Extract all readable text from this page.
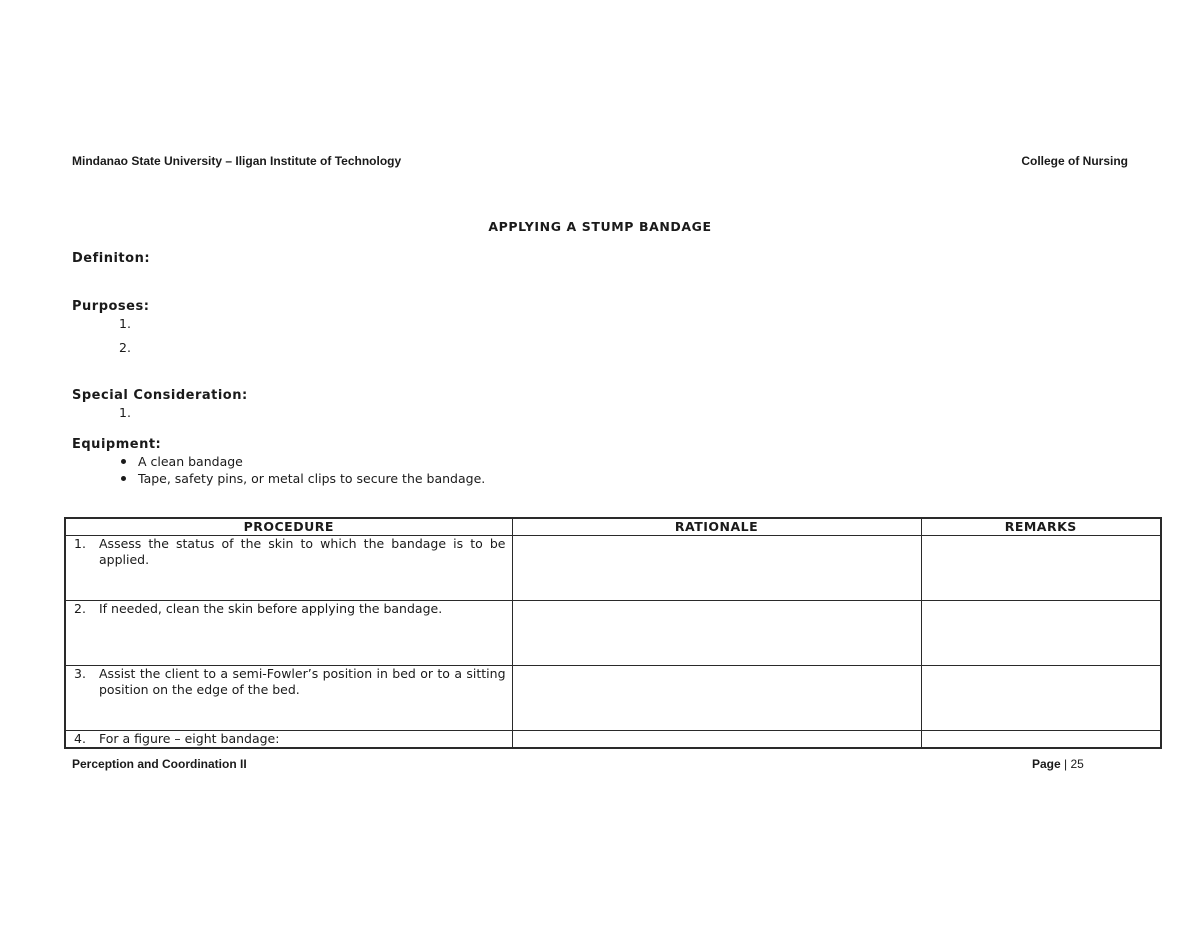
Mindanao State University – Iligan Institute of Technology	College of Nursing
APPLYING A STUMP BANDAGE
Definiton:
Purposes:
1.
2.
Special Consideration:
1.
Equipment:
A clean bandage
Tape, safety pins, or metal clips to secure the bandage.
PROCEDURE	RATIONALE	REMARKS

1. Assess the status of the skin to which the bandage is to be applied.		

2. If needed, clean the skin before applying the bandage.		

3. Assist the client to a semi-Fowler’s position in bed or to a sitting position on the edge of the bed.		

4. For a figure – eight bandage:		

Perception and Coordination II	Page | 25
